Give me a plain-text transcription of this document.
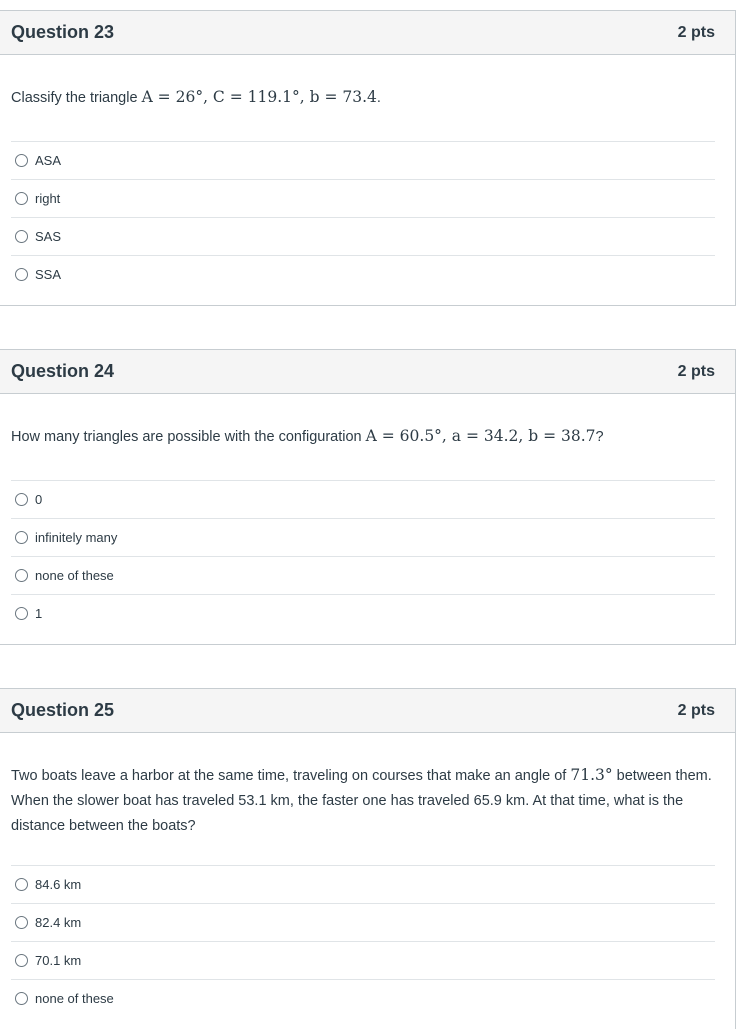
Question 23	2 pts
Classify the triangle A = 26°, C = 119.1°, b = 73.4.
ASA
right
SAS
SSA
Question 24	2 pts
How many triangles are possible with the configuration A = 60.5°, a = 34.2, b = 38.7?
0
infinitely many
none of these
1
Question 25	2 pts
Two boats leave a harbor at the same time, traveling on courses that make an angle of 71.3° between them. When the slower boat has traveled 53.1 km, the faster one has traveled 65.9 km. At that time, what is the distance between the boats?
84.6 km
82.4 km
70.1 km
none of these
